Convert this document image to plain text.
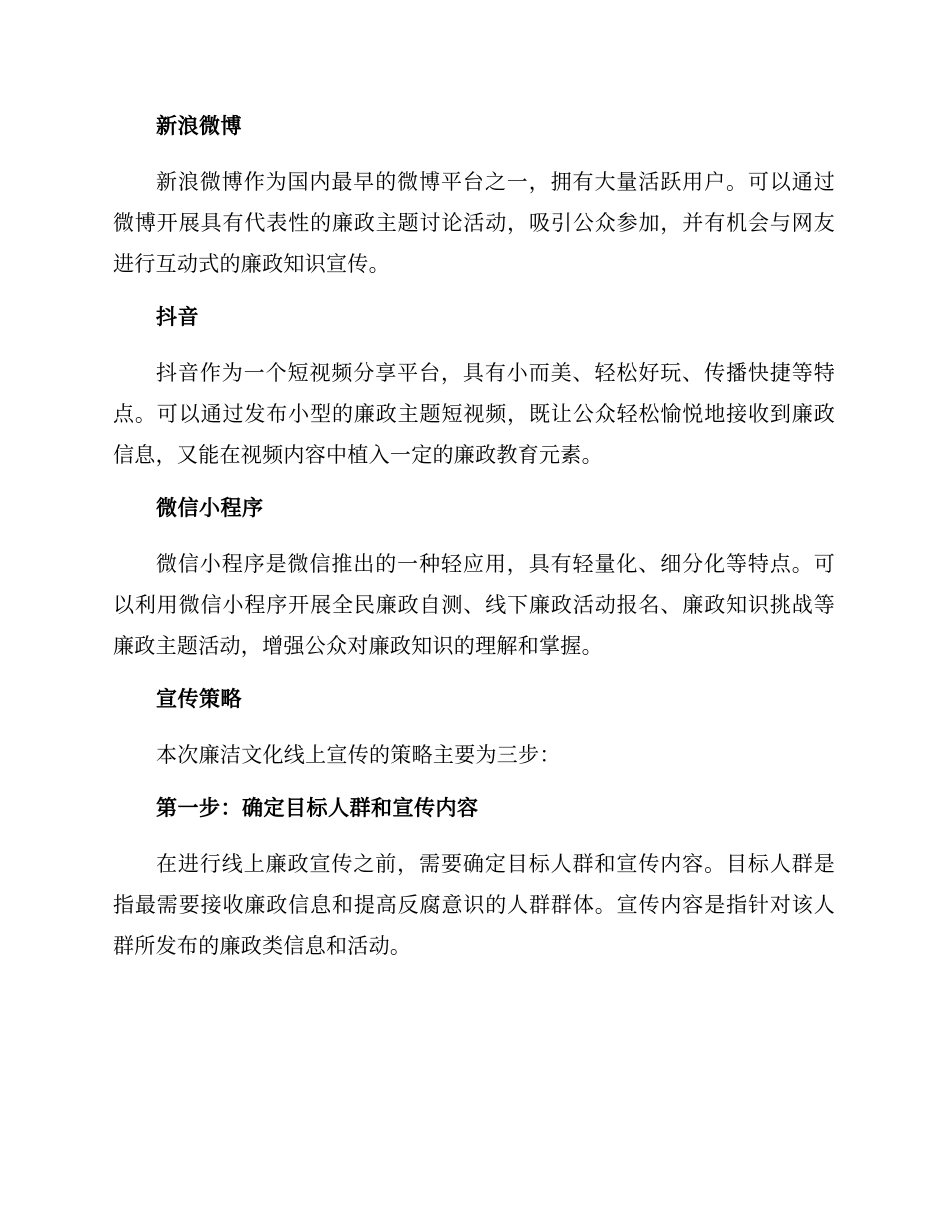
新浪微博

新浪微博作为国内最早的微博平台之一，拥有大量活跃用户。可以通过微博开展具有代表性的廉政主题讨论活动，吸引公众参加，并有机会与网友进行互动式的廉政知识宣传。

抖音

抖音作为一个短视频分享平台，具有小而美、轻松好玩、传播快捷等特点。可以通过发布小型的廉政主题短视频，既让公众轻松愉悦地接收到廉政信息，又能在视频内容中植入一定的廉政教育元素。

微信小程序

微信小程序是微信推出的一种轻应用，具有轻量化、细分化等特点。可以利用微信小程序开展全民廉政自测、线下廉政活动报名、廉政知识挑战等廉政主题活动，增强公众对廉政知识的理解和掌握。

宣传策略

本次廉洁文化线上宣传的策略主要为三步：

第一步：确定目标人群和宣传内容

在进行线上廉政宣传之前，需要确定目标人群和宣传内容。目标人群是指最需要接收廉政信息和提高反腐意识的人群群体。宣传内容是指针对该人群所发布的廉政类信息和活动。
